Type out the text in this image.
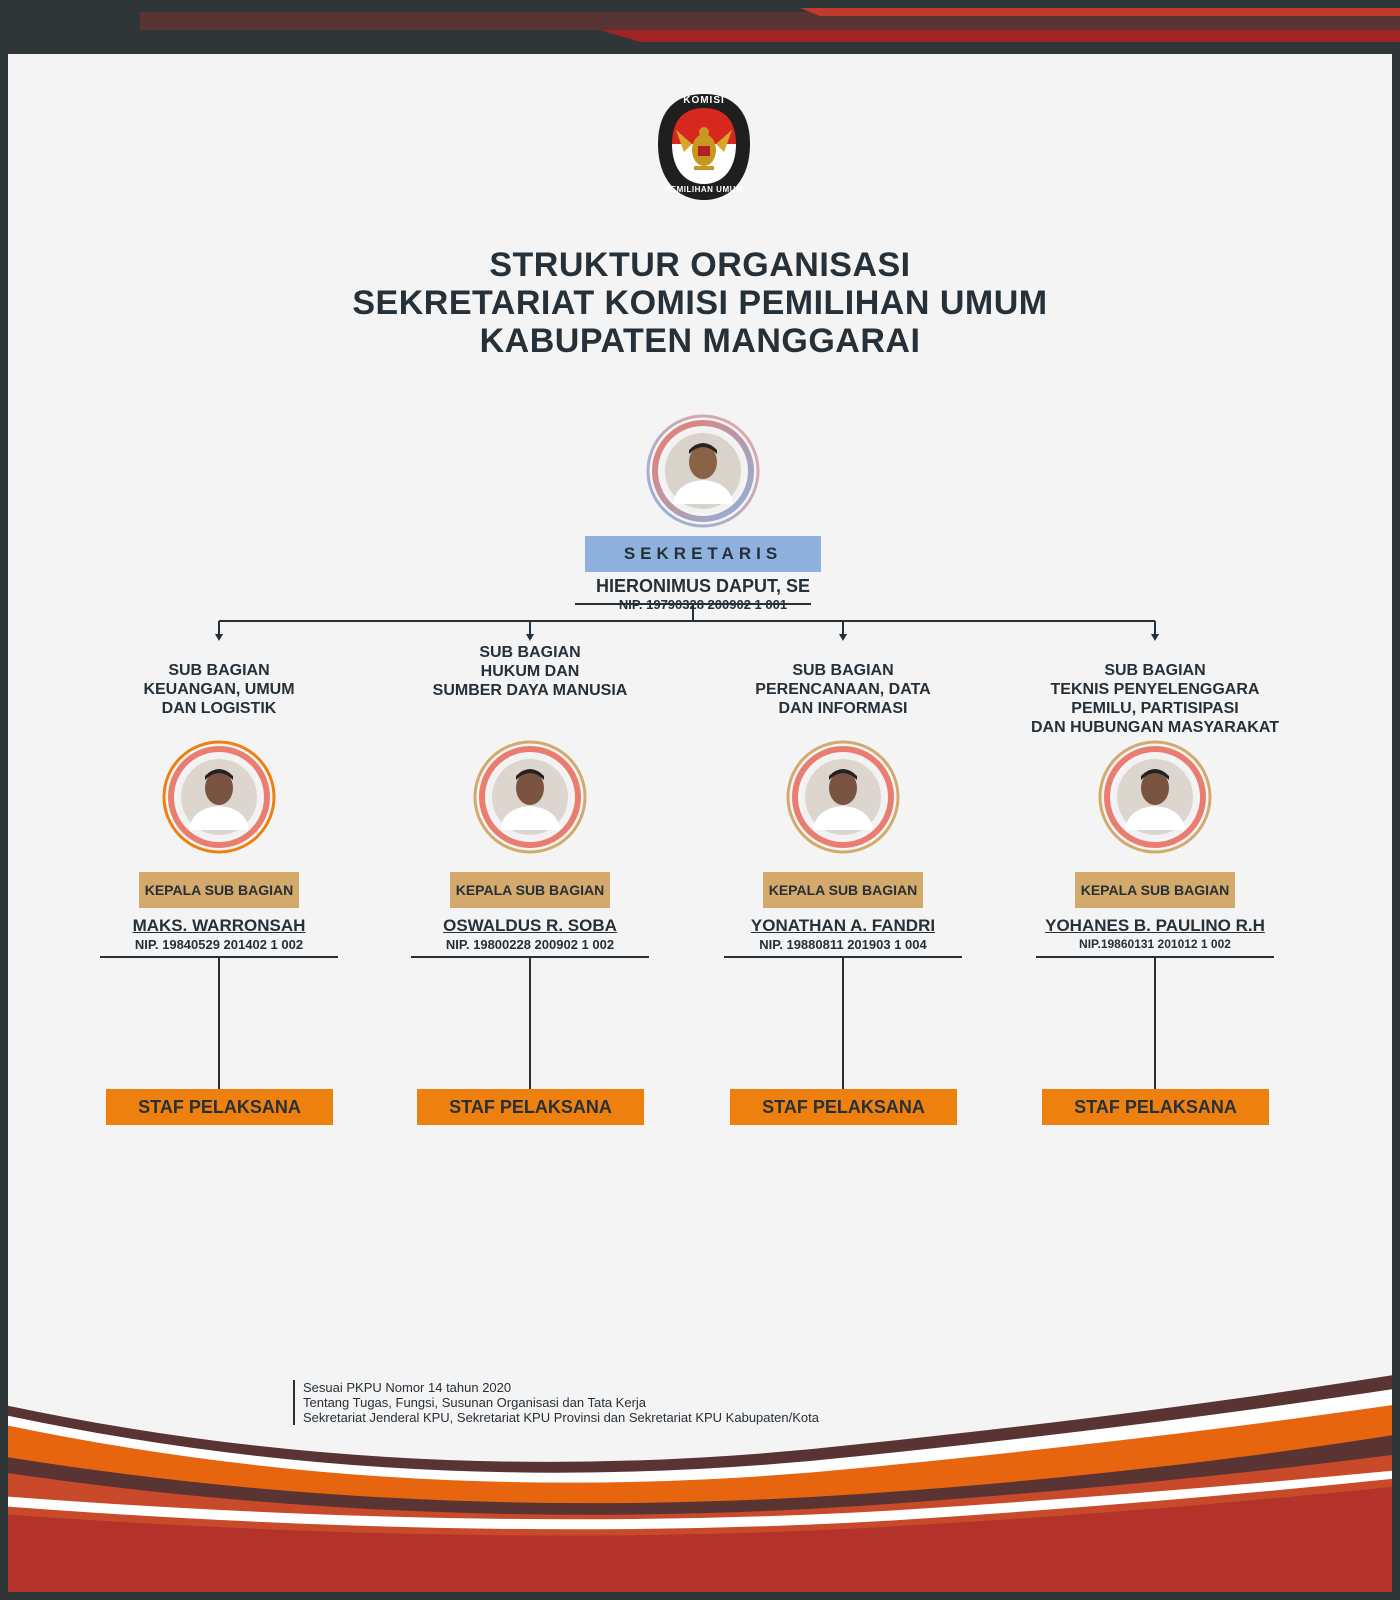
KOMISI
PEMILIHAN UMUM
STRUKTUR ORGANISASI
SEKRETARIAT KOMISI PEMILIHAN UMUM
KABUPATEN MANGGARAI
SEKRETARIS
HIERONIMUS DAPUT, SE
NIP. 19790328 200902 1 001
SUB BAGIAN
KEUANGAN, UMUM
DAN LOGISTIK
KEPALA SUB BAGIAN
MAKS. WARRONSAH
NIP. 19840529 201402 1 002
STAF PELAKSANA
SUB BAGIAN
HUKUM DAN
SUMBER DAYA MANUSIA
KEPALA SUB BAGIAN
OSWALDUS R. SOBA
NIP. 19800228 200902 1 002
STAF PELAKSANA
SUB BAGIAN
PERENCANAAN, DATA
DAN INFORMASI
KEPALA SUB BAGIAN
YONATHAN A. FANDRI
NIP. 19880811 201903 1 004
STAF PELAKSANA
SUB BAGIAN
TEKNIS PENYELENGGARA
PEMILU, PARTISIPASI
DAN HUBUNGAN MASYARAKAT
KEPALA SUB BAGIAN
YOHANES B. PAULINO R.H
NIP.19860131 201012 1 002
STAF PELAKSANA
Sesuai PKPU Nomor 14 tahun 2020
Tentang Tugas, Fungsi, Susunan Organisasi dan Tata Kerja
Sekretariat Jenderal KPU, Sekretariat KPU Provinsi dan Sekretariat KPU Kabupaten/Kota
